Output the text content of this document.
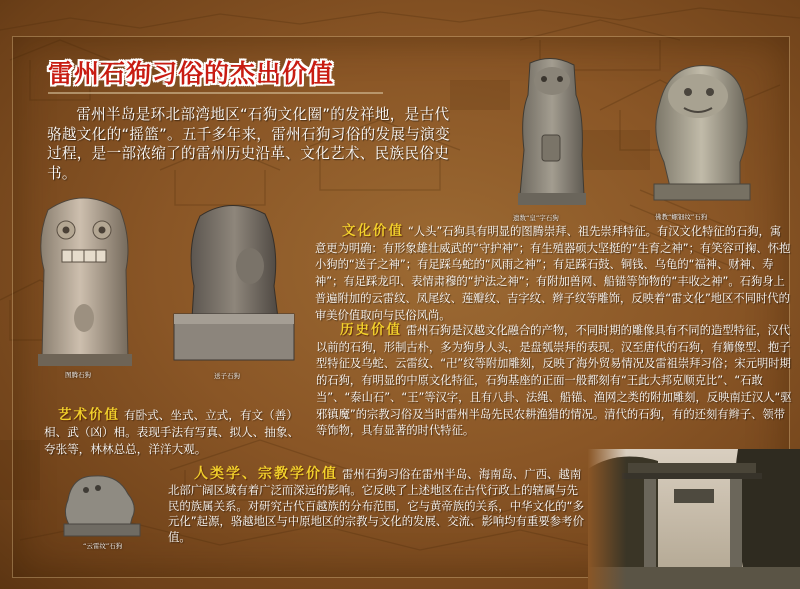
雷州石狗习俗的杰出价值
雷州半岛是环北部湾地区“石狗文化圈”的发祥地，是古代骆越文化的“摇篮”。五千多年来，雷州石狗习俗的发展与演变过程，是一部浓缩了的雷州历史沿革、文化艺术、民族民俗史书。
遗数“皇”字石狗	佛教“螺钿纹”石狗
图腾石狗	送子石狗
“云雷纹”石狗
文化价值 “人头”石狗具有明显的图腾崇拜、祖先崇拜特征。有汉文化特征的石狗，寓意更为明确：有形象雄壮威武的“守护神”；有生殖器硕大坚挺的“生育之神”；有笑容可掬、怀抱小狗的“送子之神”；有足踩乌蛇的“风雨之神”；有足踩石鼓、铜钱、乌龟的“福神、财神、寿神”；有足踩龙印、表情肃穆的“护法之神”；有附加兽网、船锚等饰物的“丰收之神”。石狗身上普遍附加的云雷纹、凤尾纹、莲瓣纹、吉字纹、辫子纹等雕饰，反映着“雷文化”地区不同时代的审美价值取向与民俗风尚。
历史价值 雷州石狗是汉越文化融合的产物，不同时期的雕像具有不同的造型特征，汉代以前的石狗，形制古朴，多为狗身人头，是盘瓠崇拜的表现。汉至唐代的石狗，有狮像型、抱子型特征及乌蛇、云雷纹、“卍”纹等附加雕刻，反映了海外贸易情况及雷祖崇拜习俗；宋元明时期的石狗，有明显的中原文化特征，石狗基座的正面一般都刻有“王此大邦克顺克比”、“石敢当”、“泰山石”、“王”等汉字，且有八卦、法绳、船锚、渔网之类的附加雕刻，反映南迁汉人“驱邪镇魔”的宗教习俗及当时雷州半岛先民农耕渔猎的情况。清代的石狗，有的还刻有辫子、领带等饰物，具有显著的时代特征。
艺术价值 有卧式、坐式、立式，有文（善）相、武（凶）相。表现手法有写真、拟人、抽象、夸张等，林林总总，洋洋大观。
人类学、宗教学价值 雷州石狗习俗在雷州半岛、海南岛、广西、越南北部广阔区域有着广泛而深远的影响。它反映了上述地区在古代行政上的辖属与先民的族属关系。对研究古代百越族的分布范围，它与黄帝族的关系，中华文化的“多元化”起源，骆越地区与中原地区的宗教与文化的发展、交流、影响均有重要参考价值。
